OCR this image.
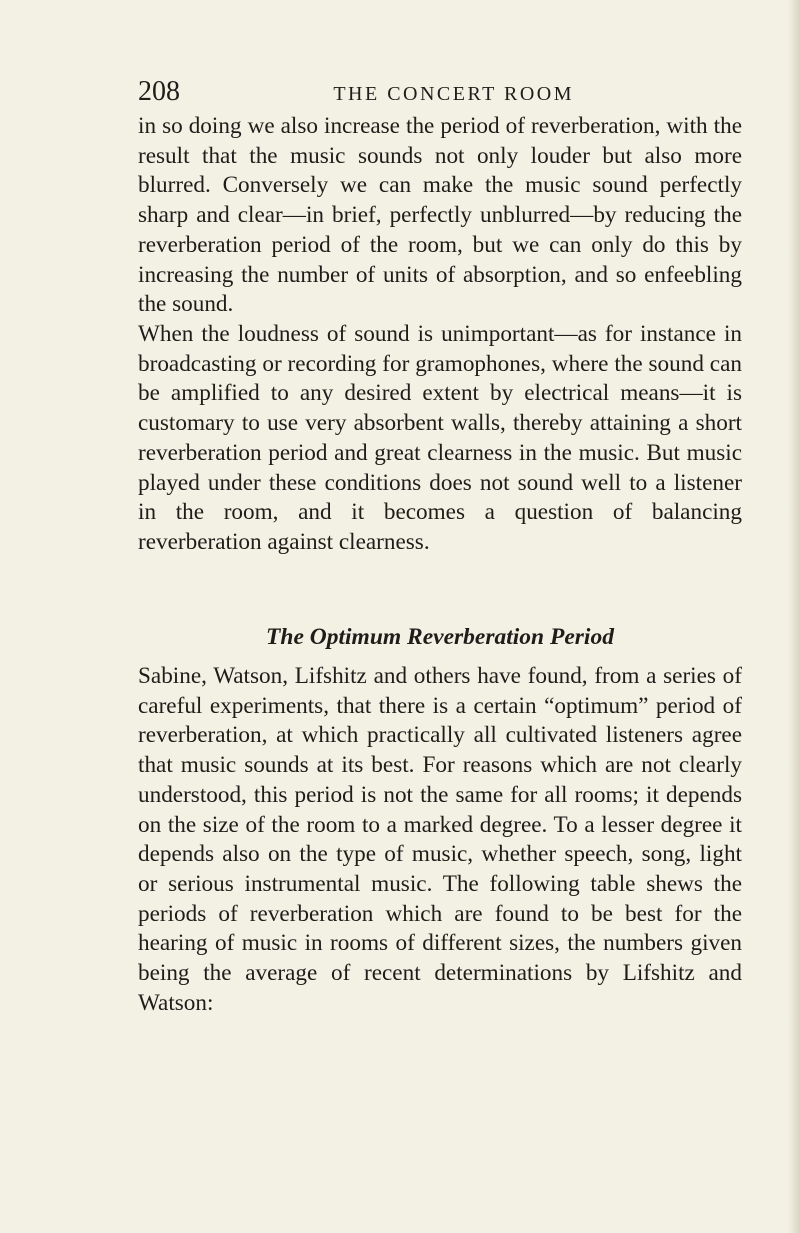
208	THE CONCERT ROOM

in so doing we also increase the period of reverberation, with the result that the music sounds not only louder but also more blurred. Conversely we can make the music sound perfectly sharp and clear—in brief, perfectly unblurred—by reducing the reverberation period of the room, but we can only do this by increasing the number of units of absorption, and so enfeebling the sound.

When the loudness of sound is unimportant—as for instance in broadcasting or recording for gramophones, where the sound can be amplified to any desired extent by electrical means—it is customary to use very absorbent walls, thereby attaining a short reverberation period and great clearness in the music. But music played under these conditions does not sound well to a listener in the room, and it becomes a question of balancing reverberation against clearness.

The Optimum Reverberation Period

Sabine, Watson, Lifshitz and others have found, from a series of careful experiments, that there is a certain “optimum” period of reverberation, at which practically all cultivated listeners agree that music sounds at its best. For reasons which are not clearly understood, this period is not the same for all rooms; it depends on the size of the room to a marked degree. To a lesser degree it depends also on the type of music, whether speech, song, light or serious instrumental music. The following table shews the periods of reverberation which are found to be best for the hearing of music in rooms of different sizes, the numbers given being the average of recent determinations by Lifshitz and Watson:
